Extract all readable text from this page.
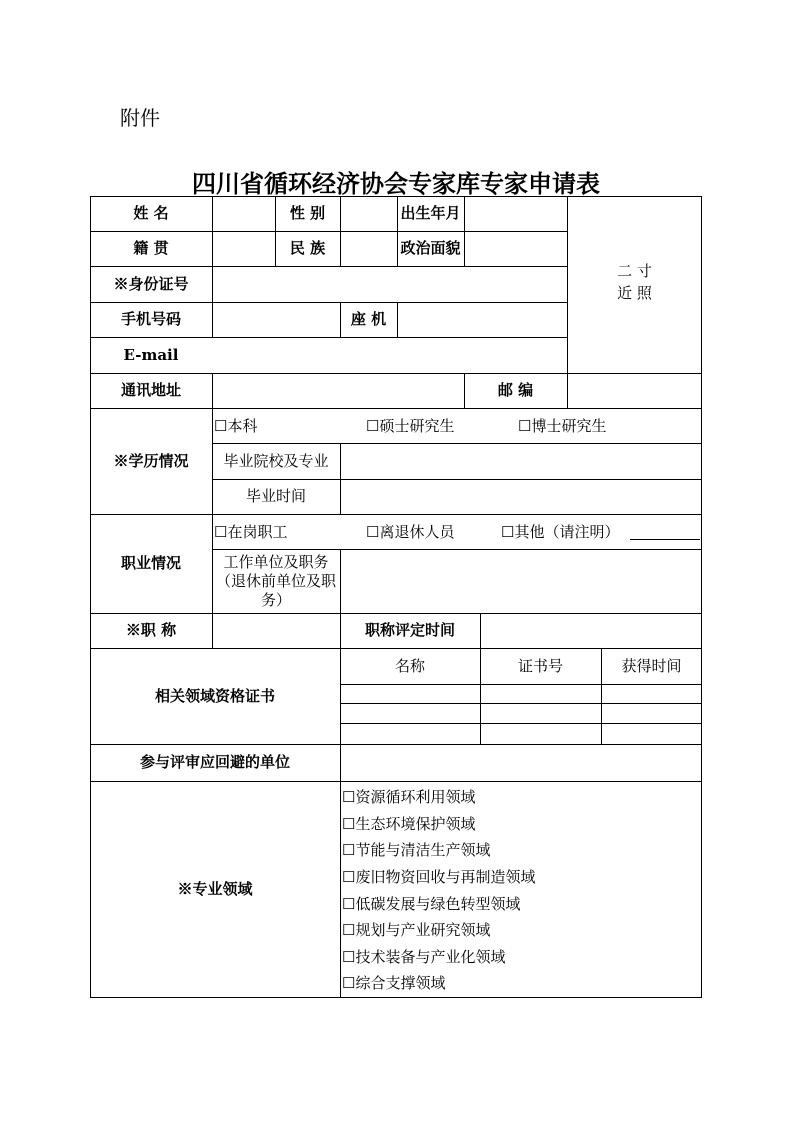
附件
四川省循环经济协会专家库专家申请表
姓 名	性 别	出生年月
籍 贯	民 族	政治面貌
二 寸
近 照
※身份证号
手机号码	座 机
E-mail
通讯地址	邮 编
※学历情况
☐本科	☐硕士研究生	☐博士研究生
毕业院校及专业
毕业时间
职业情况
☐在岗职工	☐离退休人员	☐其他（请注明）
工作单位及职务（退休前单位及职务）
※职 称	职称评定时间
相关领域资格证书
名称	证书号	获得时间
参与评审应回避的单位
※专业领域
☐资源循环利用领域
☐生态环境保护领域
☐节能与清洁生产领域
☐废旧物资回收与再制造领域
☐低碳发展与绿色转型领域
☐规划与产业研究领域
☐技术装备与产业化领域
☐综合支撑领域
